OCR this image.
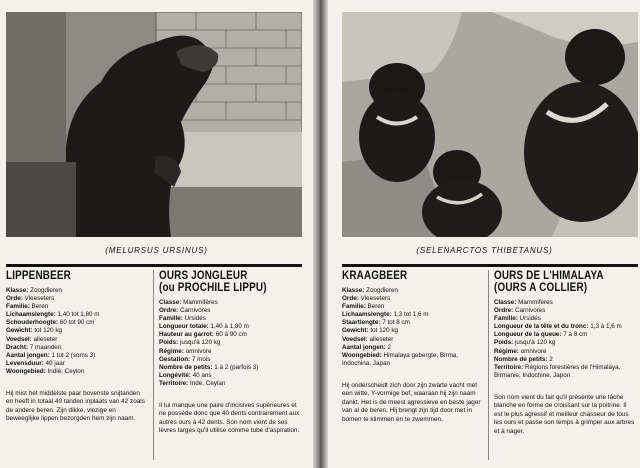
(MELURSUS URSINUS)
LIPPENBEER
Klasse: Zoogdieren
Orde: Vleeseters
Familie: Beren
Lichaamslengte: 1,40 tot 1,80 m
Schouderhoogte: 60 tot 90 cm
Gewicht: tot 120 kg
Voedsel: alleseter
Dracht: 7 maanden
Aantal jongen: 1 tot 2 (soms 3)
Levensduur: 40 jaar
Woongebied: Indië, Ceylon
Hij mist het middelste paar bovenste snijtanden en heeft in totaal 40 tanden inplaats van 42 zoals de andere beren. Zijn dikke, vlezige en beweeglijke lippen bezorgden hem zijn naam.
OURS JONGLEUR
(ou PROCHILE LIPPU)
Classe: Mammifères
Ordre: Carnivores
Famille: Ursidés
Longueur totale: 1,40 à 1,80 m
Hauteur au garrot: 60 à 90 cm
Poids: jusqu'à 120 kg
Régime: omnivore
Gestation: 7 mois
Nombre de petits: 1 à 2 (parfois 3)
Longévité: 40 ans
Territoire: Inde, Ceylan
Il lui manque une paire d'incisives supérieures et ne possède donc que 40 dents contrairement aux autres ours à 42 dents. Son nom vient de ses lèvres larges qu'il utilise comme tube d'aspiration.
(SELENARCTOS THIBETANUS)
KRAAGBEER
Klasse: Zoogdieren
Orde: Vleeseters
Familie: Beren
Lichaamslengte: 1,3 tot 1,6 m
Staartlengte: 7 tot 8 cm
Gewicht: tot 120 kg
Voedsel: alleseter
Aantal jongen: 2
Woongebied: Himalaya gebergte, Birma, Indochina, Japan
Hij onderscheidt zich door zijn zwarte vacht met een witte, Y-vormige bef, waaraan hij zijn naam dankt. Het is de meest agressieve en beste jager van al de beren. Hij brengt zijn tijd door met in bomen te klimmen en te zwemmen.
OURS DE L'HIMALAYA
(OURS A COLLIER)
Classe: Mammifères
Ordre: Carnivores
Famille: Ursidés
Longueur de la tête et du tronc: 1,3 à 1,6 m
Longueur de la queue: 7 à 8 cm
Poids: jusqu'à 120 kg
Régime: omnivore
Nombre de petits: 2
Territoire: Régions forestières de l'Himalaya, Birmanie, Indochine, Japon
Son nom vient du fait qu'il présente une tâche blanche en forme de croissant sur la poitrine. Il est le plus agressif et meilleur chasseur de tous les ours et passe son temps à grimper aux arbres et à nager.
